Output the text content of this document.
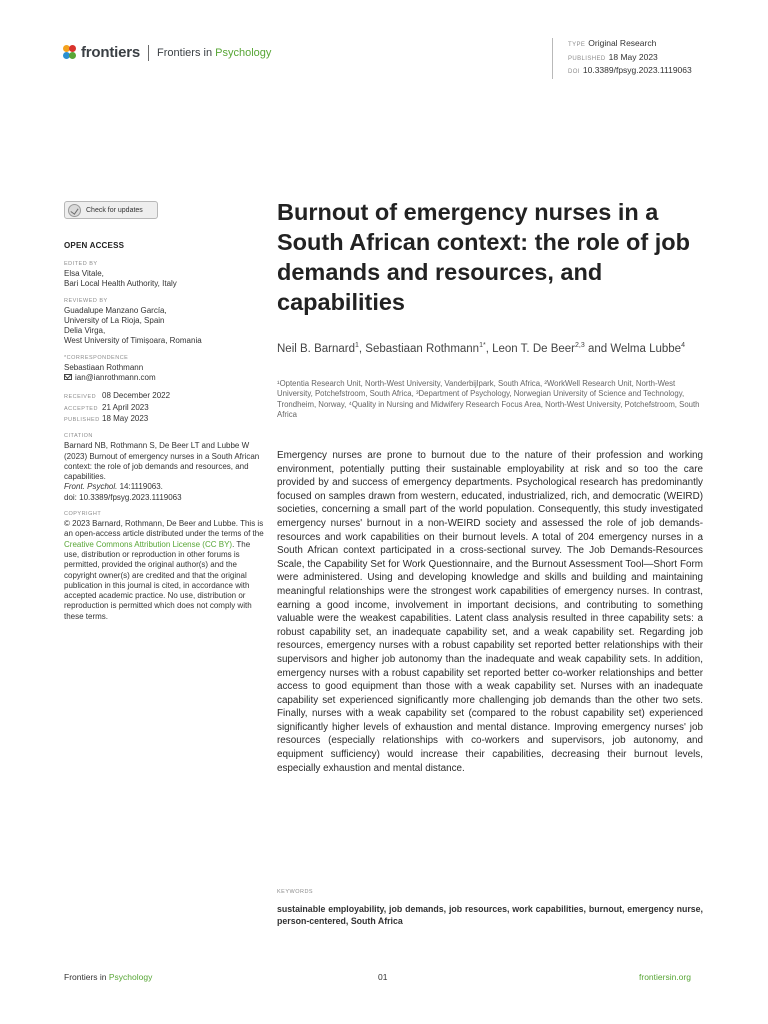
frontiers Frontiers in Psychology
TYPE Original Research
PUBLISHED 18 May 2023
DOI 10.3389/fpsyg.2023.1119063
Check for updates
OPEN ACCESS
EDITED BY
Elsa Vitale,
Bari Local Health Authority, Italy
REVIEWED BY
Guadalupe Manzano García,
University of La Rioja, Spain
Delia Virga,
West University of Timișoara, Romania
*CORRESPONDENCE
Sebastiaan Rothmann
ian@ianrothmann.com
RECEIVED 08 December 2022
ACCEPTED 21 April 2023
PUBLISHED 18 May 2023
CITATION
Barnard NB, Rothmann S, De Beer LT and Lubbe W (2023) Burnout of emergency nurses in a South African context: the role of job demands and resources, and capabilities.
Front. Psychol. 14:1119063.
doi: 10.3389/fpsyg.2023.1119063
COPYRIGHT
© 2023 Barnard, Rothmann, De Beer and Lubbe. This is an open-access article distributed under the terms of the Creative Commons Attribution License (CC BY). The use, distribution or reproduction in other forums is permitted, provided the original author(s) and the copyright owner(s) are credited and that the original publication in this journal is cited, in accordance with accepted academic practice. No use, distribution or reproduction is permitted which does not comply with these terms.
Burnout of emergency nurses in a South African context: the role of job demands and resources, and capabilities
Neil B. Barnard$^1$, Sebastiaan Rothmann$^{1*}$, Leon T. De Beer$^{2,3}$ and Welma Lubbe$^4$
¹Optentia Research Unit, North-West University, Vanderbijlpark, South Africa, ²WorkWell Research Unit, North-West University, Potchefstroom, South Africa, ³Department of Psychology, Norwegian University of Science and Technology, Trondheim, Norway, ⁴Quality in Nursing and Midwifery Research Focus Area, North-West University, Potchefstroom, South Africa
Emergency nurses are prone to burnout due to the nature of their profession and working environment, potentially putting their sustainable employability at risk and so too the care provided by and success of emergency departments. Psychological research has predominantly focused on samples drawn from western, educated, industrialized, rich, and democratic (WEIRD) societies, concerning a small part of the world population. Consequently, this study investigated emergency nurses' burnout in a non-WEIRD society and assessed the role of job demands-resources and work capabilities on their burnout levels. A total of 204 emergency nurses in a South African context participated in a cross-sectional survey. The Job Demands-Resources Scale, the Capability Set for Work Questionnaire, and the Burnout Assessment Tool—Short Form were administered. Using and developing knowledge and skills and building and maintaining meaningful relationships were the strongest work capabilities of emergency nurses. In contrast, earning a good income, involvement in important decisions, and contributing to something valuable were the weakest capabilities. Latent class analysis resulted in three capability sets: a robust capability set, an inadequate capability set, and a weak capability set. Regarding job resources, emergency nurses with a robust capability set reported better relationships with their supervisors and higher job autonomy than the inadequate and weak capability sets. In addition, emergency nurses with a robust capability set reported better co-worker relationships and better access to good equipment than those with a weak capability set. Nurses with an inadequate capability set experienced significantly more challenging job demands than the other two sets. Finally, nurses with a weak capability set (compared to the robust capability set) experienced significantly higher levels of exhaustion and mental distance. Improving emergency nurses' job resources (especially relationships with co-workers and supervisors, job autonomy, and equipment sufficiency) would increase their capabilities, decreasing their burnout levels, especially exhaustion and mental distance.
KEYWORDS
sustainable employability, job demands, job resources, work capabilities, burnout, emergency nurse, person-centered, South Africa
Frontiers in Psychology	01	frontiersin.org
